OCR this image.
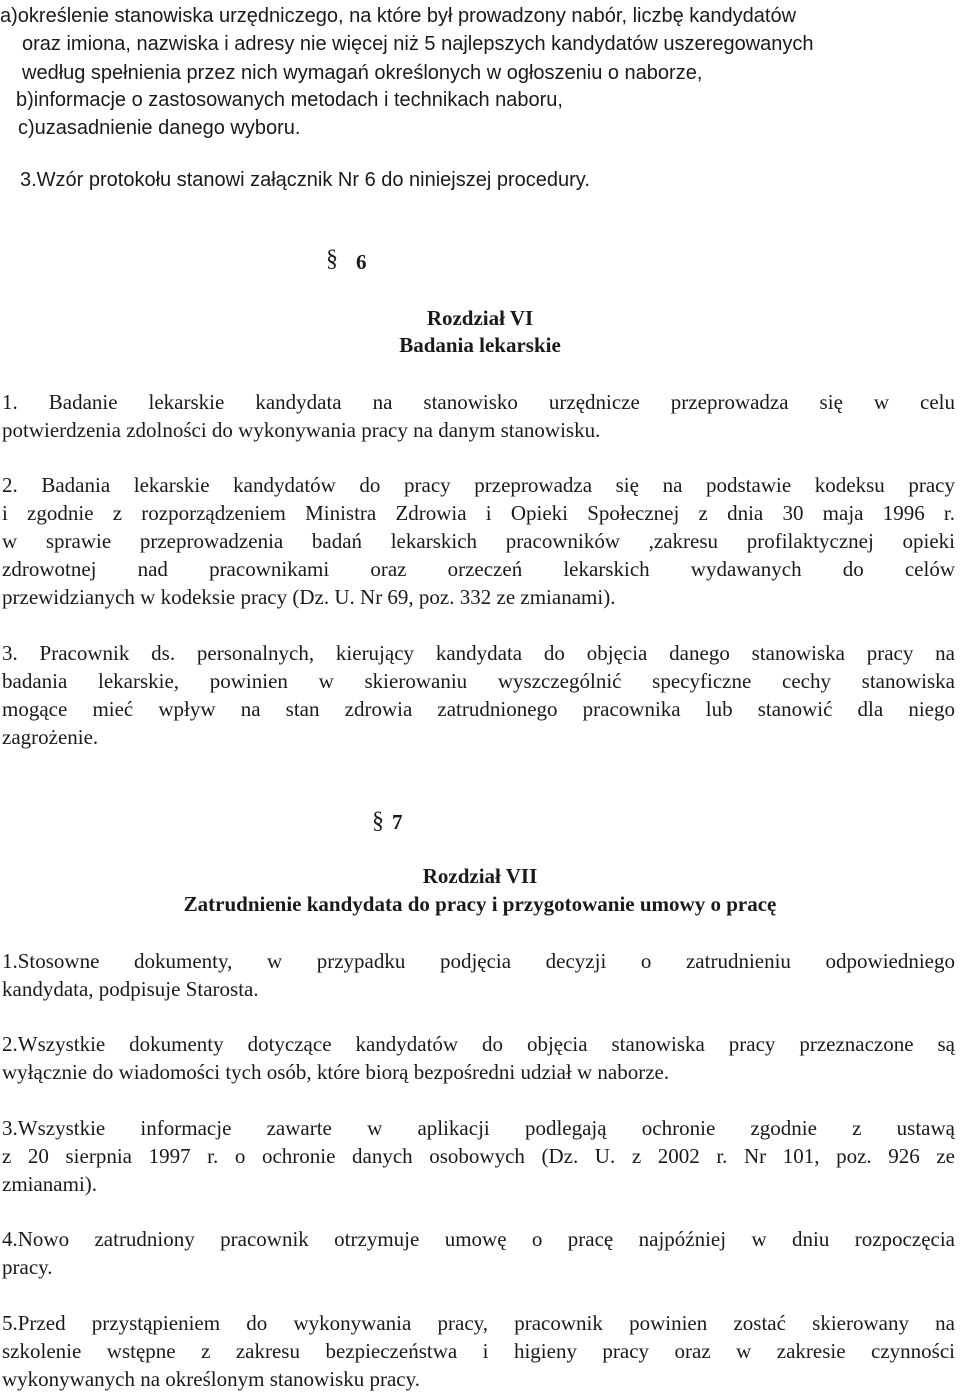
a)określenie stanowiska urzędniczego, na które był prowadzony nabór, liczbę kandydatów
oraz imiona, nazwiska i adresy nie więcej niż 5 najlepszych kandydatów uszeregowanych
według spełnienia przez nich wymagań określonych w ogłoszeniu o naborze,
b)informacje o zastosowanych metodach i technikach naboru,
c)uzasadnienie danego wyboru.
3.Wzór protokołu stanowi załącznik Nr 6 do niniejszej procedury.
§ 6
Rozdział VI
Badania lekarskie
1. Badanie lekarskie kandydata na stanowisko urzędnicze przeprowadza się w celu
potwierdzenia zdolności do wykonywania pracy na danym stanowisku.
2. Badania lekarskie kandydatów do pracy przeprowadza się na podstawie kodeksu pracy
i zgodnie z rozporządzeniem Ministra Zdrowia i Opieki Społecznej z dnia 30 maja 1996 r.
w sprawie przeprowadzenia badań lekarskich pracowników ,zakresu profilaktycznej opieki
zdrowotnej nad pracownikami oraz orzeczeń lekarskich wydawanych do celów
przewidzianych w kodeksie pracy (Dz. U. Nr 69, poz. 332 ze zmianami).
3. Pracownik ds. personalnych, kierujący kandydata do objęcia danego stanowiska pracy na
badania lekarskie, powinien w skierowaniu wyszczególnić specyficzne cechy stanowiska
mogące mieć wpływ na stan zdrowia zatrudnionego pracownika lub stanowić dla niego
zagrożenie.
§ 7
Rozdział VII
Zatrudnienie kandydata do pracy i przygotowanie umowy o pracę
1.Stosowne dokumenty, w przypadku podjęcia decyzji o zatrudnieniu odpowiedniego
kandydata, podpisuje Starosta.
2.Wszystkie dokumenty dotyczące kandydatów do objęcia stanowiska pracy przeznaczone są
wyłącznie do wiadomości tych osób, które biorą bezpośredni udział w naborze.
3.Wszystkie informacje zawarte w aplikacji podlegają ochronie zgodnie z ustawą
z 20 sierpnia 1997 r. o ochronie danych osobowych (Dz. U. z 2002 r. Nr 101, poz. 926 ze
zmianami).
4.Nowo zatrudniony pracownik otrzymuje umowę o pracę najpóźniej w dniu rozpoczęcia
pracy.
5.Przed przystąpieniem do wykonywania pracy, pracownik powinien zostać skierowany na
szkolenie wstępne z zakresu bezpieczeństwa i higieny pracy oraz w zakresie czynności
wykonywanych na określonym stanowisku pracy.
